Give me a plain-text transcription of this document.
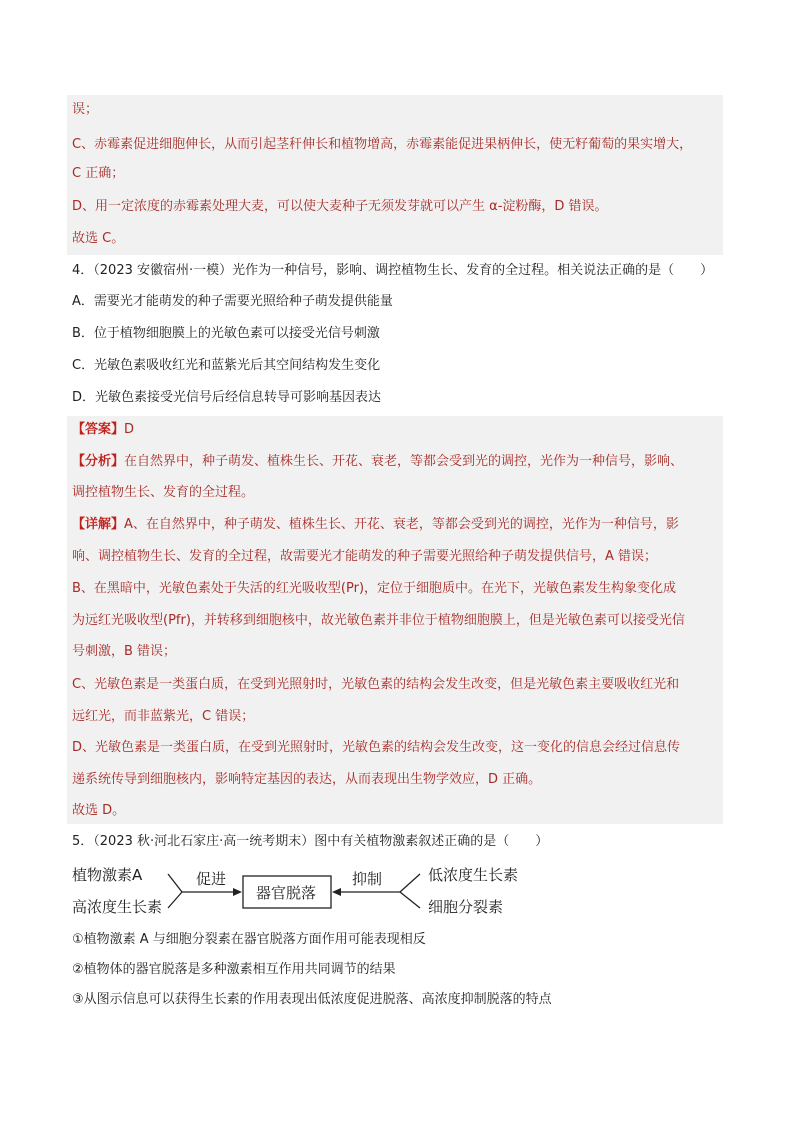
误；
C、赤霉素促进细胞伸长，从而引起茎秆伸长和植物增高，赤霉素能促进果柄伸长，使无籽葡萄的果实增大，
C 正确；
D、用一定浓度的赤霉素处理大麦，可以使大麦种子无须发芽就可以产生 α-淀粉酶，D 错误。
故选 C。
4．（2023 安徽宿州·一模）光作为一种信号，影响、调控植物生长、发育的全过程。相关说法正确的是（　　）
A．需要光才能萌发的种子需要光照给种子萌发提供能量
B．位于植物细胞膜上的光敏色素可以接受光信号刺激
C．光敏色素吸收红光和蓝紫光后其空间结构发生变化
D．光敏色素接受光信号后经信息转导可影响基因表达
【答案】D
【分析】在自然界中，种子萌发、植株生长、开花、衰老，等都会受到光的调控，光作为一种信号，影响、
调控植物生长、发育的全过程。
【详解】A、在自然界中，种子萌发、植株生长、开花、衰老，等都会受到光的调控，光作为一种信号，影
响、调控植物生长、发育的全过程，故需要光才能萌发的种子需要光照给种子萌发提供信号，A 错误；
B、在黑暗中，光敏色素处于失活的红光吸收型(Pr)，定位于细胞质中。在光下，光敏色素发生构象变化成
为远红光吸收型(Pfr)，并转移到细胞核中，故光敏色素并非位于植物细胞膜上，但是光敏色素可以接受光信
号刺激，B 错误；
C、光敏色素是一类蛋白质，在受到光照射时，光敏色素的结构会发生改变，但是光敏色素主要吸收红光和
远红光，而非蓝紫光，C 错误；
D、光敏色素是一类蛋白质，在受到光照射时，光敏色素的结构会发生改变，这一变化的信息会经过信息传
递系统传导到细胞核内，影响特定基因的表达，从而表现出生物学效应，D 正确。
故选 D。
5．（2023 秋·河北石家庄·高一统考期末）图中有关植物激素叙述正确的是（　　）
植物激素A
高浓度生长素
促进
器官脱落
抑制	低浓度生长素
细胞分裂素
①植物激素 A 与细胞分裂素在器官脱落方面作用可能表现相反
②植物体的器官脱落是多种激素相互作用共同调节的结果
③从图示信息可以获得生长素的作用表现出低浓度促进脱落、高浓度抑制脱落的特点
